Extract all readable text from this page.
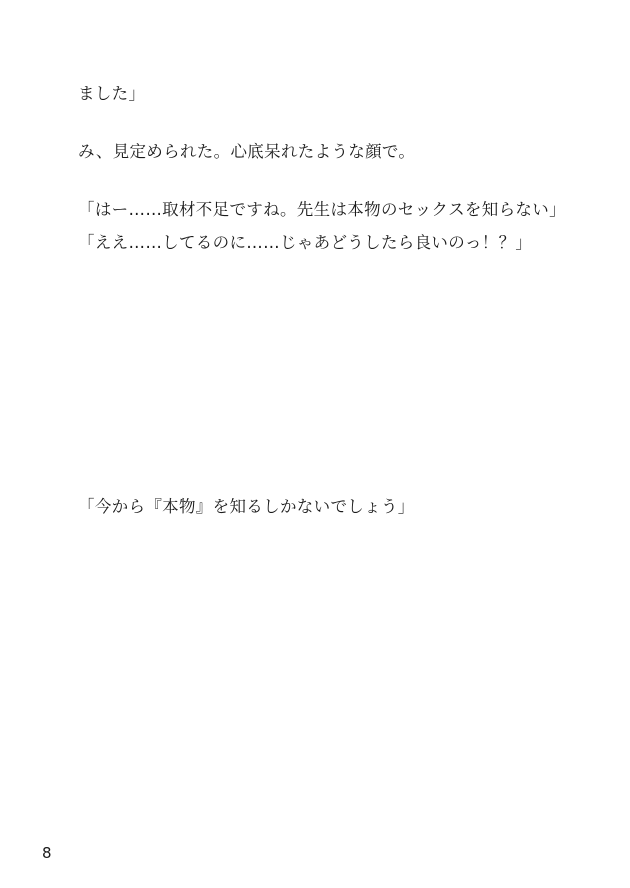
ました」

み、見定められた。心底呆れたような顔で。

「はー……取材不足ですね。先生は本物のセックスを知らない」

「ええ……してるのに……じゃあどうしたら良いのっ！？」

「今から『本物』を知るしかないでしょう」

8
